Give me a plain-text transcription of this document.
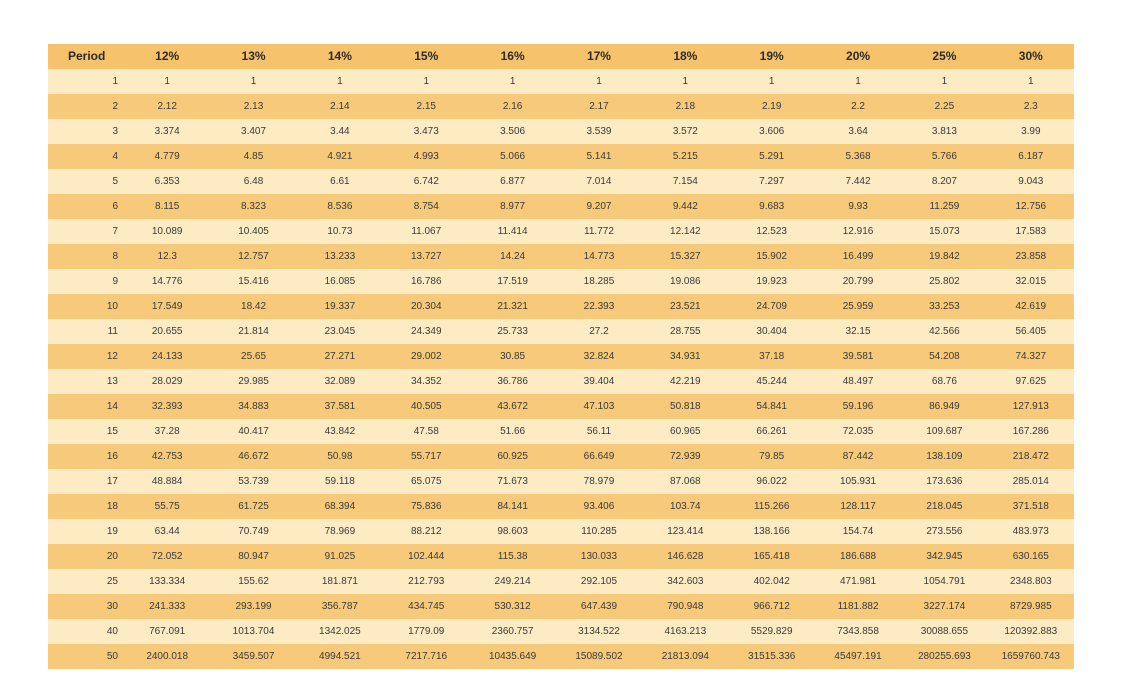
Period	12%	13%	14%	15%	16%	17%	18%	19%	20%	25%	30%
1	1	1	1	1	1	1	1	1	1	1	1
2	2.12	2.13	2.14	2.15	2.16	2.17	2.18	2.19	2.2	2.25	2.3
3	3.374	3.407	3.44	3.473	3.506	3.539	3.572	3.606	3.64	3.813	3.99
4	4.779	4.85	4.921	4.993	5.066	5.141	5.215	5.291	5.368	5.766	6.187
5	6.353	6.48	6.61	6.742	6.877	7.014	7.154	7.297	7.442	8.207	9.043
6	8.115	8.323	8.536	8.754	8.977	9.207	9.442	9.683	9.93	11.259	12.756
7	10.089	10.405	10.73	11.067	11.414	11.772	12.142	12.523	12.916	15.073	17.583
8	12.3	12.757	13.233	13.727	14.24	14.773	15.327	15.902	16.499	19.842	23.858
9	14.776	15.416	16.085	16.786	17.519	18.285	19.086	19.923	20.799	25.802	32.015
10	17.549	18.42	19.337	20.304	21.321	22.393	23.521	24.709	25.959	33.253	42.619
11	20.655	21.814	23.045	24.349	25.733	27.2	28.755	30.404	32.15	42.566	56.405
12	24.133	25.65	27.271	29.002	30.85	32.824	34.931	37.18	39.581	54.208	74.327
13	28.029	29.985	32.089	34.352	36.786	39.404	42.219	45.244	48.497	68.76	97.625
14	32.393	34.883	37.581	40.505	43.672	47.103	50.818	54.841	59.196	86.949	127.913
15	37.28	40.417	43.842	47.58	51.66	56.11	60.965	66.261	72.035	109.687	167.286
16	42.753	46.672	50.98	55.717	60.925	66.649	72.939	79.85	87.442	138.109	218.472
17	48.884	53.739	59.118	65.075	71.673	78.979	87.068	96.022	105.931	173.636	285.014
18	55.75	61.725	68.394	75.836	84.141	93.406	103.74	115.266	128.117	218.045	371.518
19	63.44	70.749	78.969	88.212	98.603	110.285	123.414	138.166	154.74	273.556	483.973
20	72.052	80.947	91.025	102.444	115.38	130.033	146.628	165.418	186.688	342.945	630.165
25	133.334	155.62	181.871	212.793	249.214	292.105	342.603	402.042	471.981	1054.791	2348.803
30	241.333	293.199	356.787	434.745	530.312	647.439	790.948	966.712	1181.882	3227.174	8729.985
40	767.091	1013.704	1342.025	1779.09	2360.757	3134.522	4163.213	5529.829	7343.858	30088.655	120392.883
50	2400.018	3459.507	4994.521	7217.716	10435.649	15089.502	21813.094	31515.336	45497.191	280255.693	1659760.743
